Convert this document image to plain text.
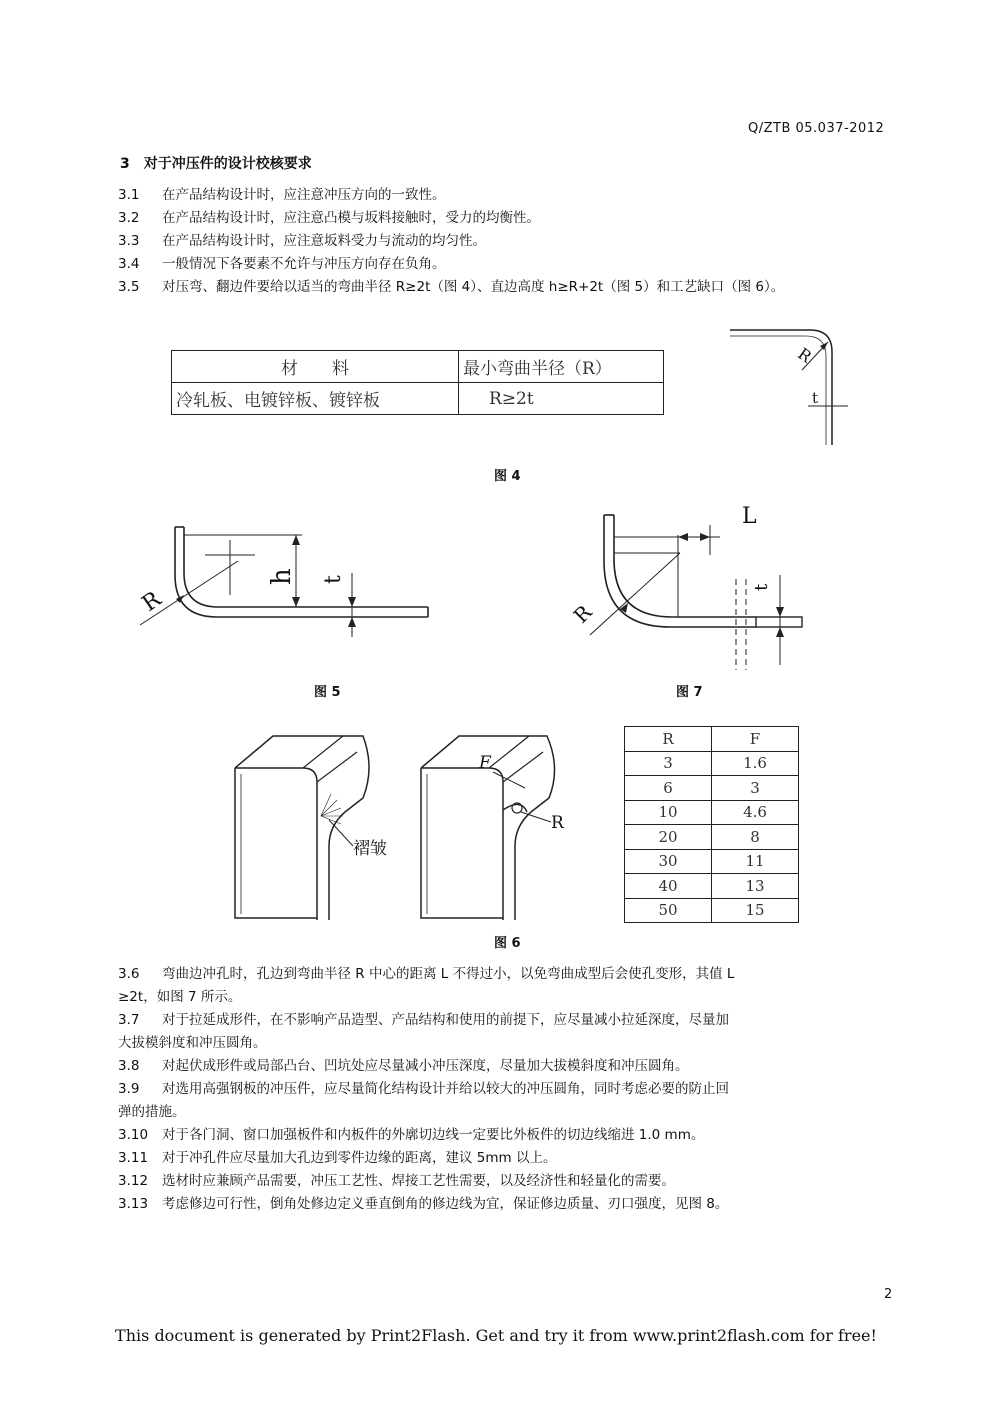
Q/ZTB 05.037-2012
3　对于冲压件的设计校核要求
3.1 在产品结构设计时，应注意冲压方向的一致性。
3.2 在产品结构设计时，应注意凸模与坂料接触时，受力的均衡性。
3.3 在产品结构设计时，应注意坂料受力与流动的均匀性。
3.4 一般情况下各要素不允许与冲压方向存在负角。
3.5 对压弯、翻边件要给以适当的弯曲半径 R≥2t（图 4）、直边高度 h≥R+2t（图 5）和工艺缺口（图 6）。
材　　料	最小弯曲半径（R）
冷轧板、电镀锌板、镀锌板	R≥2t
R
t
图 4
R
h t
图 5
L
R
t
图 7
褶皱
F
R
R	F
3	1.6
6	3
10	4.6
20	8
30	11
40	13
50	15
图 6
3.6 弯曲边冲孔时，孔边到弯曲半径 R 中心的距离 L 不得过小，以免弯曲成型后会使孔变形，其值 L
≥2t，如图 7 所示。
3.7 对于拉延成形件，在不影响产品造型、产品结构和使用的前提下，应尽量减小拉延深度，尽量加
大拔模斜度和冲压圆角。
3.8 对起伏成形件或局部凸台、凹坑处应尽量减小冲压深度，尽量加大拔模斜度和冲压圆角。
3.9 对选用高强钢板的冲压件，应尽量简化结构设计并给以较大的冲压圆角，同时考虑必要的防止回
弹的措施。
3.10 对于各门洞、窗口加强板件和内板件的外廓切边线一定要比外板件的切边线缩进 1.0 mm。
3.11 对于冲孔件应尽量加大孔边到零件边缘的距离，建议 5mm 以上。
3.12 选材时应兼顾产品需要，冲压工艺性、焊接工艺性需要，以及经济性和轻量化的需要。
3.13 考虑修边可行性，倒角处修边定义垂直倒角的修边线为宜，保证修边质量、刃口强度，见图 8。
2
This document is generated by Print2Flash. Get and try it from www.print2flash.com for free!
